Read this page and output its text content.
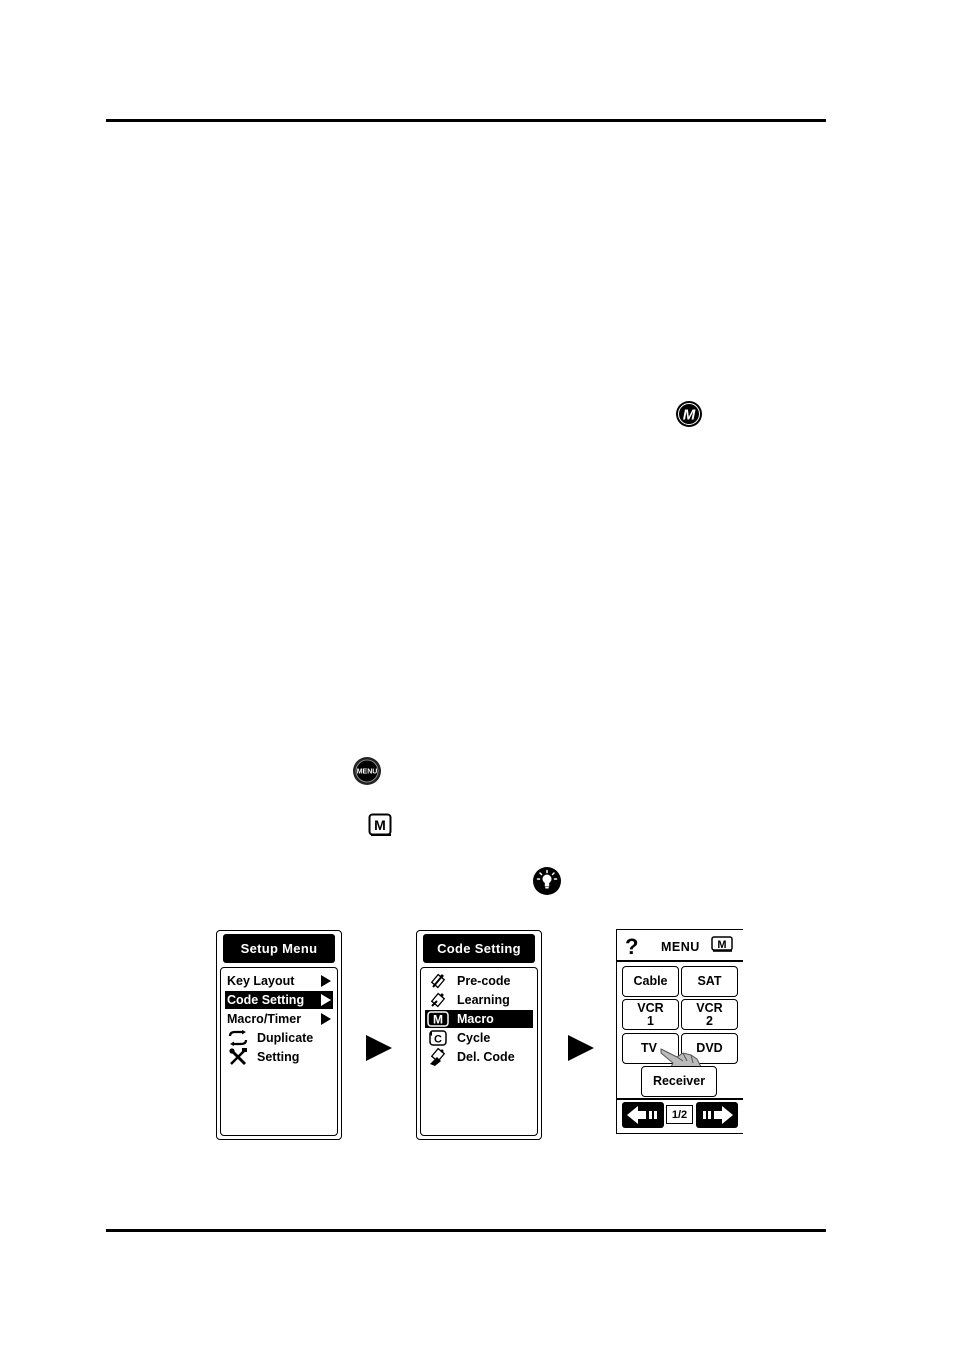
M
MENU
M
Setup Menu
Key Layout
Code Setting
Macro/Timer
Duplicate
Setting
Code Setting
Pre-code
Learning
M	Macro
C	Cycle
Del. Code
? MENU M
Cable	SAT
VCR
1
VCR
2
TV	DVD
Receiver
1/2
